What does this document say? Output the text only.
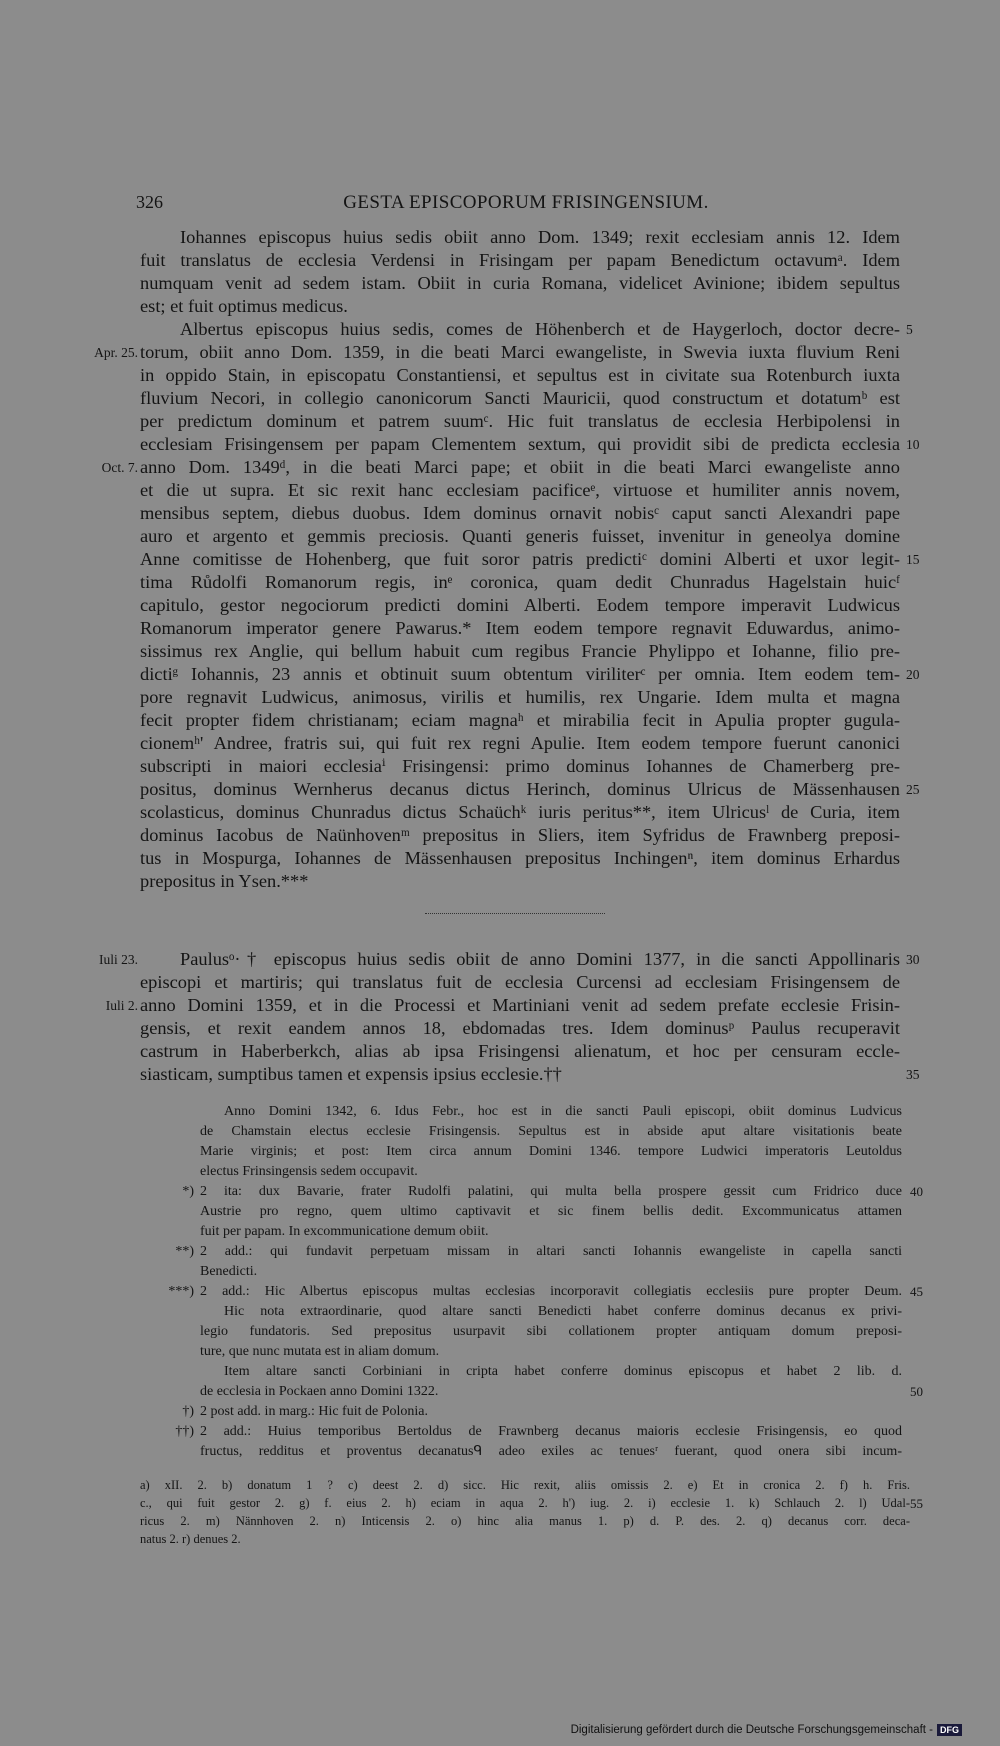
326	GESTA EPISCOPORUM FRISINGENSIUM.
Iohannes episcopus huius sedis obiit anno Dom. 1349; rexit ecclesiam annis 12. Idem
fuit translatus de ecclesia Verdensi in Frisingam per papam Benedictum octavumᵃ. Idem
numquam venit ad sedem istam. Obiit in curia Romana, videlicet Avinione; ibidem sepultus
est; et fuit optimus medicus.
Albertus episcopus huius sedis, comes de Höhenberch et de Haygerloch, doctor decre-
torum, obiit anno Dom. 1359, in die beati Marci ewangeliste, in Swevia iuxta fluvium Reni
in oppido Stain, in episcopatu Constantiensi, et sepultus est in civitate sua Rotenburch iuxta
fluvium Necori, in collegio canonicorum Sancti Mauricii, quod constructum et dotatumᵇ est
per predictum dominum et patrem suumᶜ. Hic fuit translatus de ecclesia Herbipolensi in
ecclesiam Frisingensem per papam Clementem sextum, qui providit sibi de predicta ecclesia
anno Dom. 1349ᵈ, in die beati Marci pape; et obiit in die beati Marci ewangeliste anno
et die ut supra. Et sic rexit hanc ecclesiam pacificeᵉ, virtuose et humiliter annis novem,
mensibus septem, diebus duobus. Idem dominus ornavit nobisᶜ caput sancti Alexandri pape
auro et argento et gemmis preciosis. Quanti generis fuisset, invenitur in geneolya domine
Anne comitisse de Hohenberg, que fuit soror patris predictiᶜ domini Alberti et uxor legit-
tima Růdolfi Romanorum regis, inᵉ coronica, quam dedit Chunradus Hagelstain huicᶠ
capitulo, gestor negociorum predicti domini Alberti. Eodem tempore imperavit Ludwicus
Romanorum imperator genere Pawarus.* Item eodem tempore regnavit Eduwardus, animo-
sissimus rex Anglie, qui bellum habuit cum regibus Francie Phylippo et Iohanne, filio pre-
dictiᵍ Iohannis, 23 annis et obtinuit suum obtentum viriliterᶜ per omnia. Item eodem tem-
pore regnavit Ludwicus, animosus, virilis et humilis, rex Ungarie. Idem multa et magna
fecit propter fidem christianam; eciam magnaʰ et mirabilia fecit in Apulia propter gugula-
cionemʰ' Andree, fratris sui, qui fuit rex regni Apulie. Item eodem tempore fuerunt canonici
subscripti in maiori ecclesiaⁱ Frisingensi: primo dominus Iohannes de Chamerberg pre-
positus, dominus Wernherus decanus dictus Herinch, dominus Ulricus de Mässenhausen
scolasticus, dominus Chunradus dictus Schaüchᵏ iuris peritus**, item Ulricusˡ de Curia, item
dominus Iacobus de Naünhovenᵐ prepositus in Sliers, item Syfridus de Frawnberg preposi-
tus in Mospurga, Iohannes de Mässenhausen prepositus Inchingenⁿ, item dominus Erhardus
prepositus in Ysen.***
Paulusᵒ·† episcopus huius sedis obiit de anno Domini 1377, in die sancti Appollinaris
episcopi et martiris; qui translatus fuit de ecclesia Curcensi ad ecclesiam Frisingensem de
anno Domini 1359, et in die Processi et Martiniani venit ad sedem prefate ecclesie Frisin-
gensis, et rexit eandem annos 18, ebdomadas tres. Idem dominusᵖ Paulus recuperavit
castrum in Haberberkch, alias ab ipsa Frisingensi alienatum, et hoc per censuram eccle-
siasticam, sumptibus tamen et expensis ipsius ecclesie.††
Apr. 25.
Oct. 7.
Iuli 23.
Iuli 2.
5
10
15
20
25
30
35
40
45
50
55
Anno Domini 1342, 6. Idus Febr., hoc est in die sancti Pauli episcopi, obiit dominus Ludvicus
de Chamstain electus ecclesie Frisingensis. Sepultus est in abside aput altare visitationis beate
Marie virginis; et post: Item circa annum Domini 1346. tempore Ludwici imperatoris Leutoldus
electus Frinsingensis sedem occupavit.
*) 2 ita: dux Bavarie, frater Rudolfi palatini, qui multa bella prospere gessit cum Fridrico duce
Austrie pro regno, quem ultimo captivavit et sic finem bellis dedit. Excommunicatus attamen
fuit per papam. In excommunicatione demum obiit.
**) 2 add.: qui fundavit perpetuam missam in altari sancti Iohannis ewangeliste in capella sancti
Benedicti.
***) 2 add.: Hic Albertus episcopus multas ecclesias incorporavit collegiatis ecclesiis pure propter Deum.
Hic nota extraordinarie, quod altare sancti Benedicti habet conferre dominus decanus ex privi-
legio fundatoris. Sed prepositus usurpavit sibi collationem propter antiquam domum preposi-
ture, que nunc mutata est in aliam domum.
Item altare sancti Corbiniani in cripta habet conferre dominus episcopus et habet 2 lib. d.
de ecclesia in Pockaen anno Domini 1322.
†) 2 post add. in marg.: Hic fuit de Polonia.
††) 2 add.: Huius temporibus Bertoldus de Frawnberg decanus maioris ecclesie Frisingensis, eo quod
fructus, redditus et proventus decanatusᑫ adeo exiles ac tenuesʳ fuerant, quod onera sibi incum-
a) xII. 2. b) donatum 1 ? c) deest 2. d) sicc. Hic rexit, aliis omissis 2. e) Et in cronica 2. f) h. Fris.
c., qui fuit gestor 2. g) f. eius 2. h) eciam in aqua 2. h') iug. 2. i) ecclesie 1. k) Schlauch 2. l) Udal-
ricus 2. m) Nännhoven 2. n) Inticensis 2. o) hinc alia manus 1. p) d. P. des. 2. q) decanus corr. deca-
natus 2. r) denues 2.
Digitalisierung gefördert durch die Deutsche Forschungsgemeinschaft - DFG
